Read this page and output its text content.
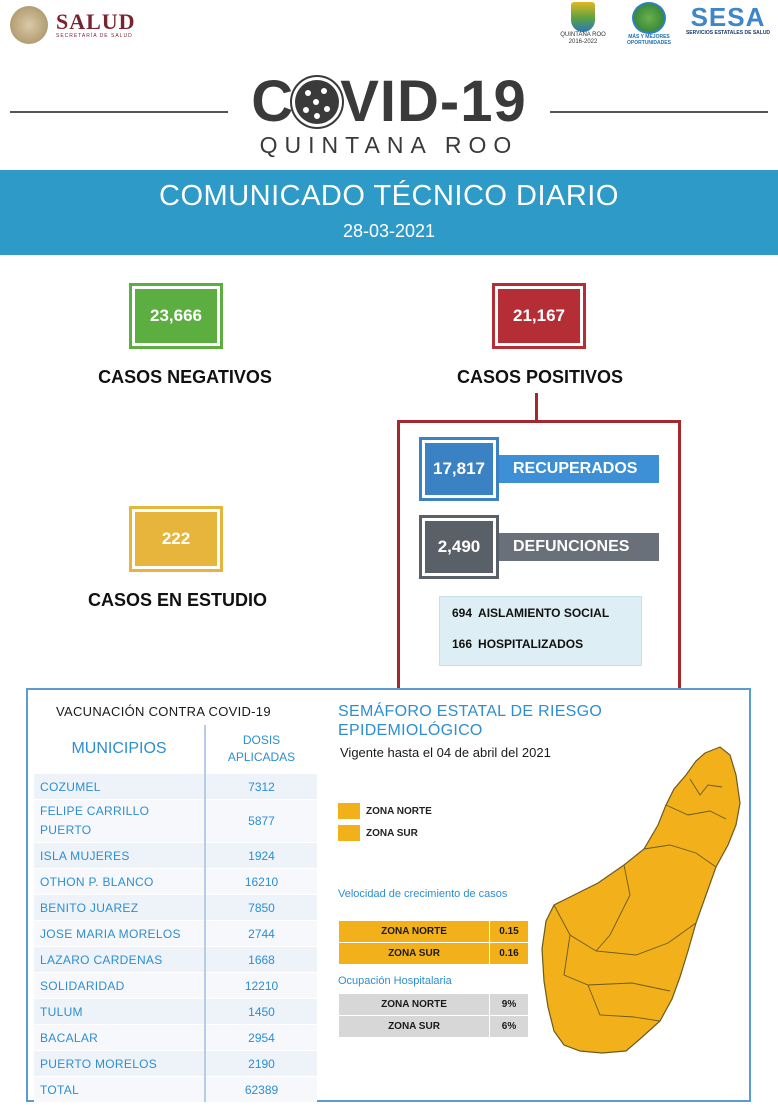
SALUD
SECRETARÍA DE SALUD	QUINTANA ROO
2016-2022
MÁS Y MEJORES OPORTUNIDADES
SESA
SERVICIOS ESTATALES DE SALUD
C VID-19
QUINTANA ROO
COMUNICADO TÉCNICO DIARIO
28-03-2021
23,666
CASOS NEGATIVOS
21,167
CASOS POSITIVOS
222
CASOS EN ESTUDIO
17,817	RECUPERADOS
2,490	DEFUNCIONES
694 AISLAMIENTO SOCIAL
166 HOSPITALIZADOS
VACUNACIÓN CONTRA COVID-19
MUNICIPIOS	DOSIS APLICADAS
COZUMEL	7312
FELIPE CARRILLO PUERTO	5877
ISLA MUJERES	1924
OTHON P. BLANCO	16210
BENITO JUAREZ	7850
JOSE MARIA MORELOS	2744
LAZARO CARDENAS	1668
SOLIDARIDAD	12210
TULUM	1450
BACALAR	2954
PUERTO MORELOS	2190
TOTAL	62389
SEMÁFORO ESTATAL DE RIESGO EPIDEMIOLÓGICO
Vigente hasta el 04 de abril del 2021
ZONA NORTE
ZONA SUR
Velocidad de crecimiento de casos
ZONA NORTE	0.15
ZONA SUR	0.16
Ocupación Hospitalaria
ZONA NORTE	9%
ZONA SUR	6%
